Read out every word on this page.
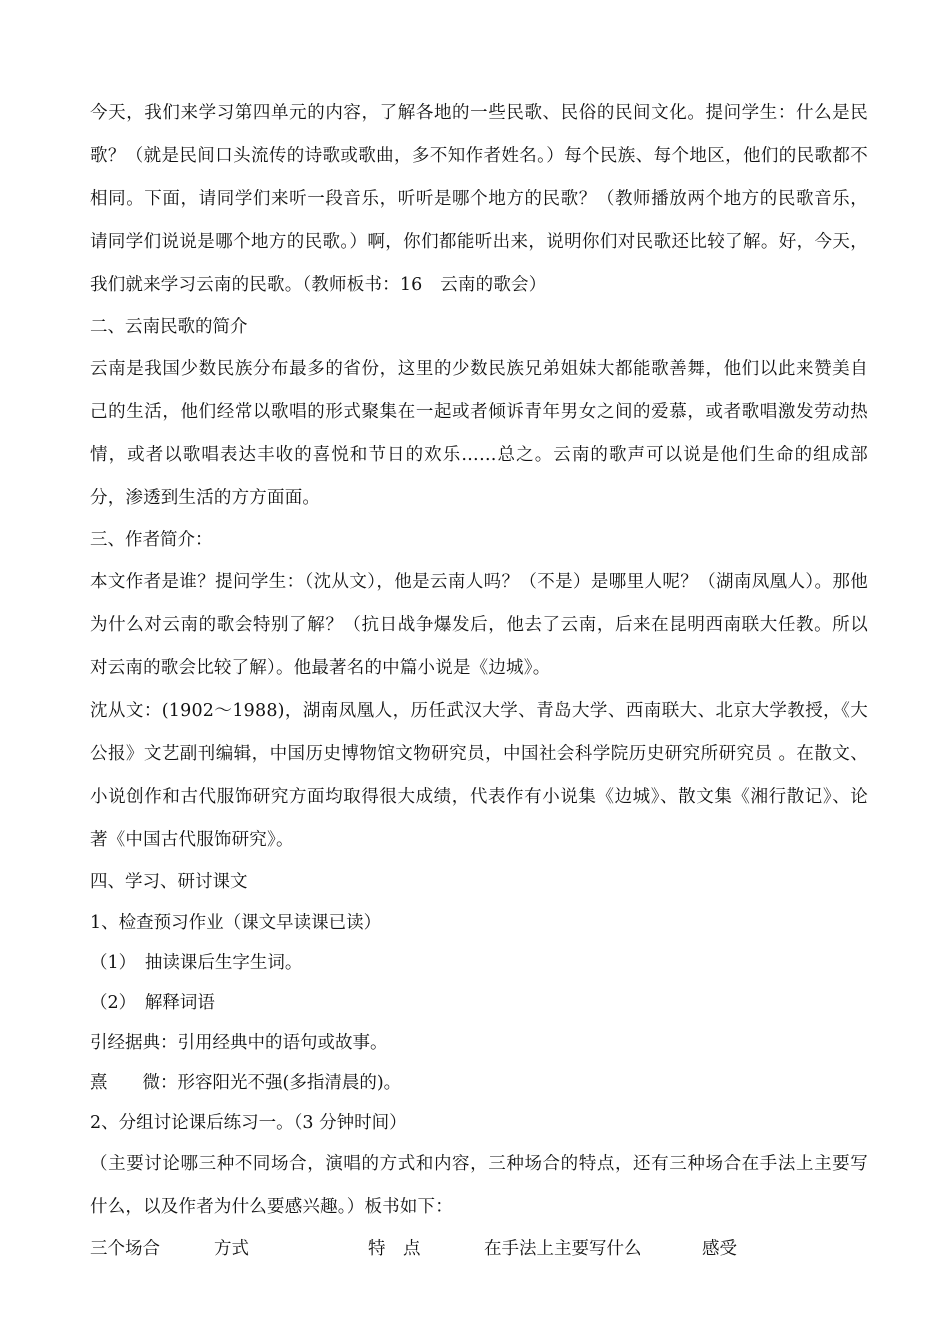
今天，我们来学习第四单元的内容，了解各地的一些民歌、民俗的民间文化。提问学生：什么是民歌？（就是民间口头流传的诗歌或歌曲，多不知作者姓名。）每个民族、每个地区，他们的民歌都不相同。下面，请同学们来听一段音乐，听听是哪个地方的民歌？（教师播放两个地方的民歌音乐，请同学们说说是哪个地方的民歌。）啊，你们都能听出来，说明你们对民歌还比较了解。好，今天，我们就来学习云南的民歌。（教师板书：16　云南的歌会）

二、云南民歌的简介

云南是我国少数民族分布最多的省份，这里的少数民族兄弟姐妹大都能歌善舞，他们以此来赞美自己的生活，他们经常以歌唱的形式聚集在一起或者倾诉青年男女之间的爱慕，或者歌唱激发劳动热情，或者以歌唱表达丰收的喜悦和节日的欢乐……总之。云南的歌声可以说是他们生命的组成部分，渗透到生活的方方面面。

三、作者简介：

本文作者是谁？提问学生：（沈从文），他是云南人吗？（不是）是哪里人呢？（湖南凤凰人）。那他为什么对云南的歌会特别了解？（抗日战争爆发后，他去了云南，后来在昆明西南联大任教。所以对云南的歌会比较了解）。他最著名的中篇小说是《边城》。

沈从文：(1902～1988)，湖南凤凰人，历任武汉大学、青岛大学、西南联大、北京大学教授，《大公报》文艺副刊编辑，中国历史博物馆文物研究员，中国社会科学院历史研究所研究员 。在散文、小说创作和古代服饰研究方面均取得很大成绩，代表作有小说集《边城》、散文集《湘行散记》、论著《中国古代服饰研究》。

四、学习、研讨课文

1、检查预习作业（课文早读课已读）

（1）　抽读课后生字生词。

（2）　解释词语

引经据典：引用经典中的语句或故事。

熹　　微：形容阳光不强(多指清晨的)。

2、分组讨论课后练习一。（3 分钟时间）

（主要讨论哪三种不同场合，演唱的方式和内容，三种场合的特点，还有三种场合在手法上主要写什么，以及作者为什么要感兴趣。）板书如下：

三个场合	方式	特　点	在手法上主要写什么	感受
